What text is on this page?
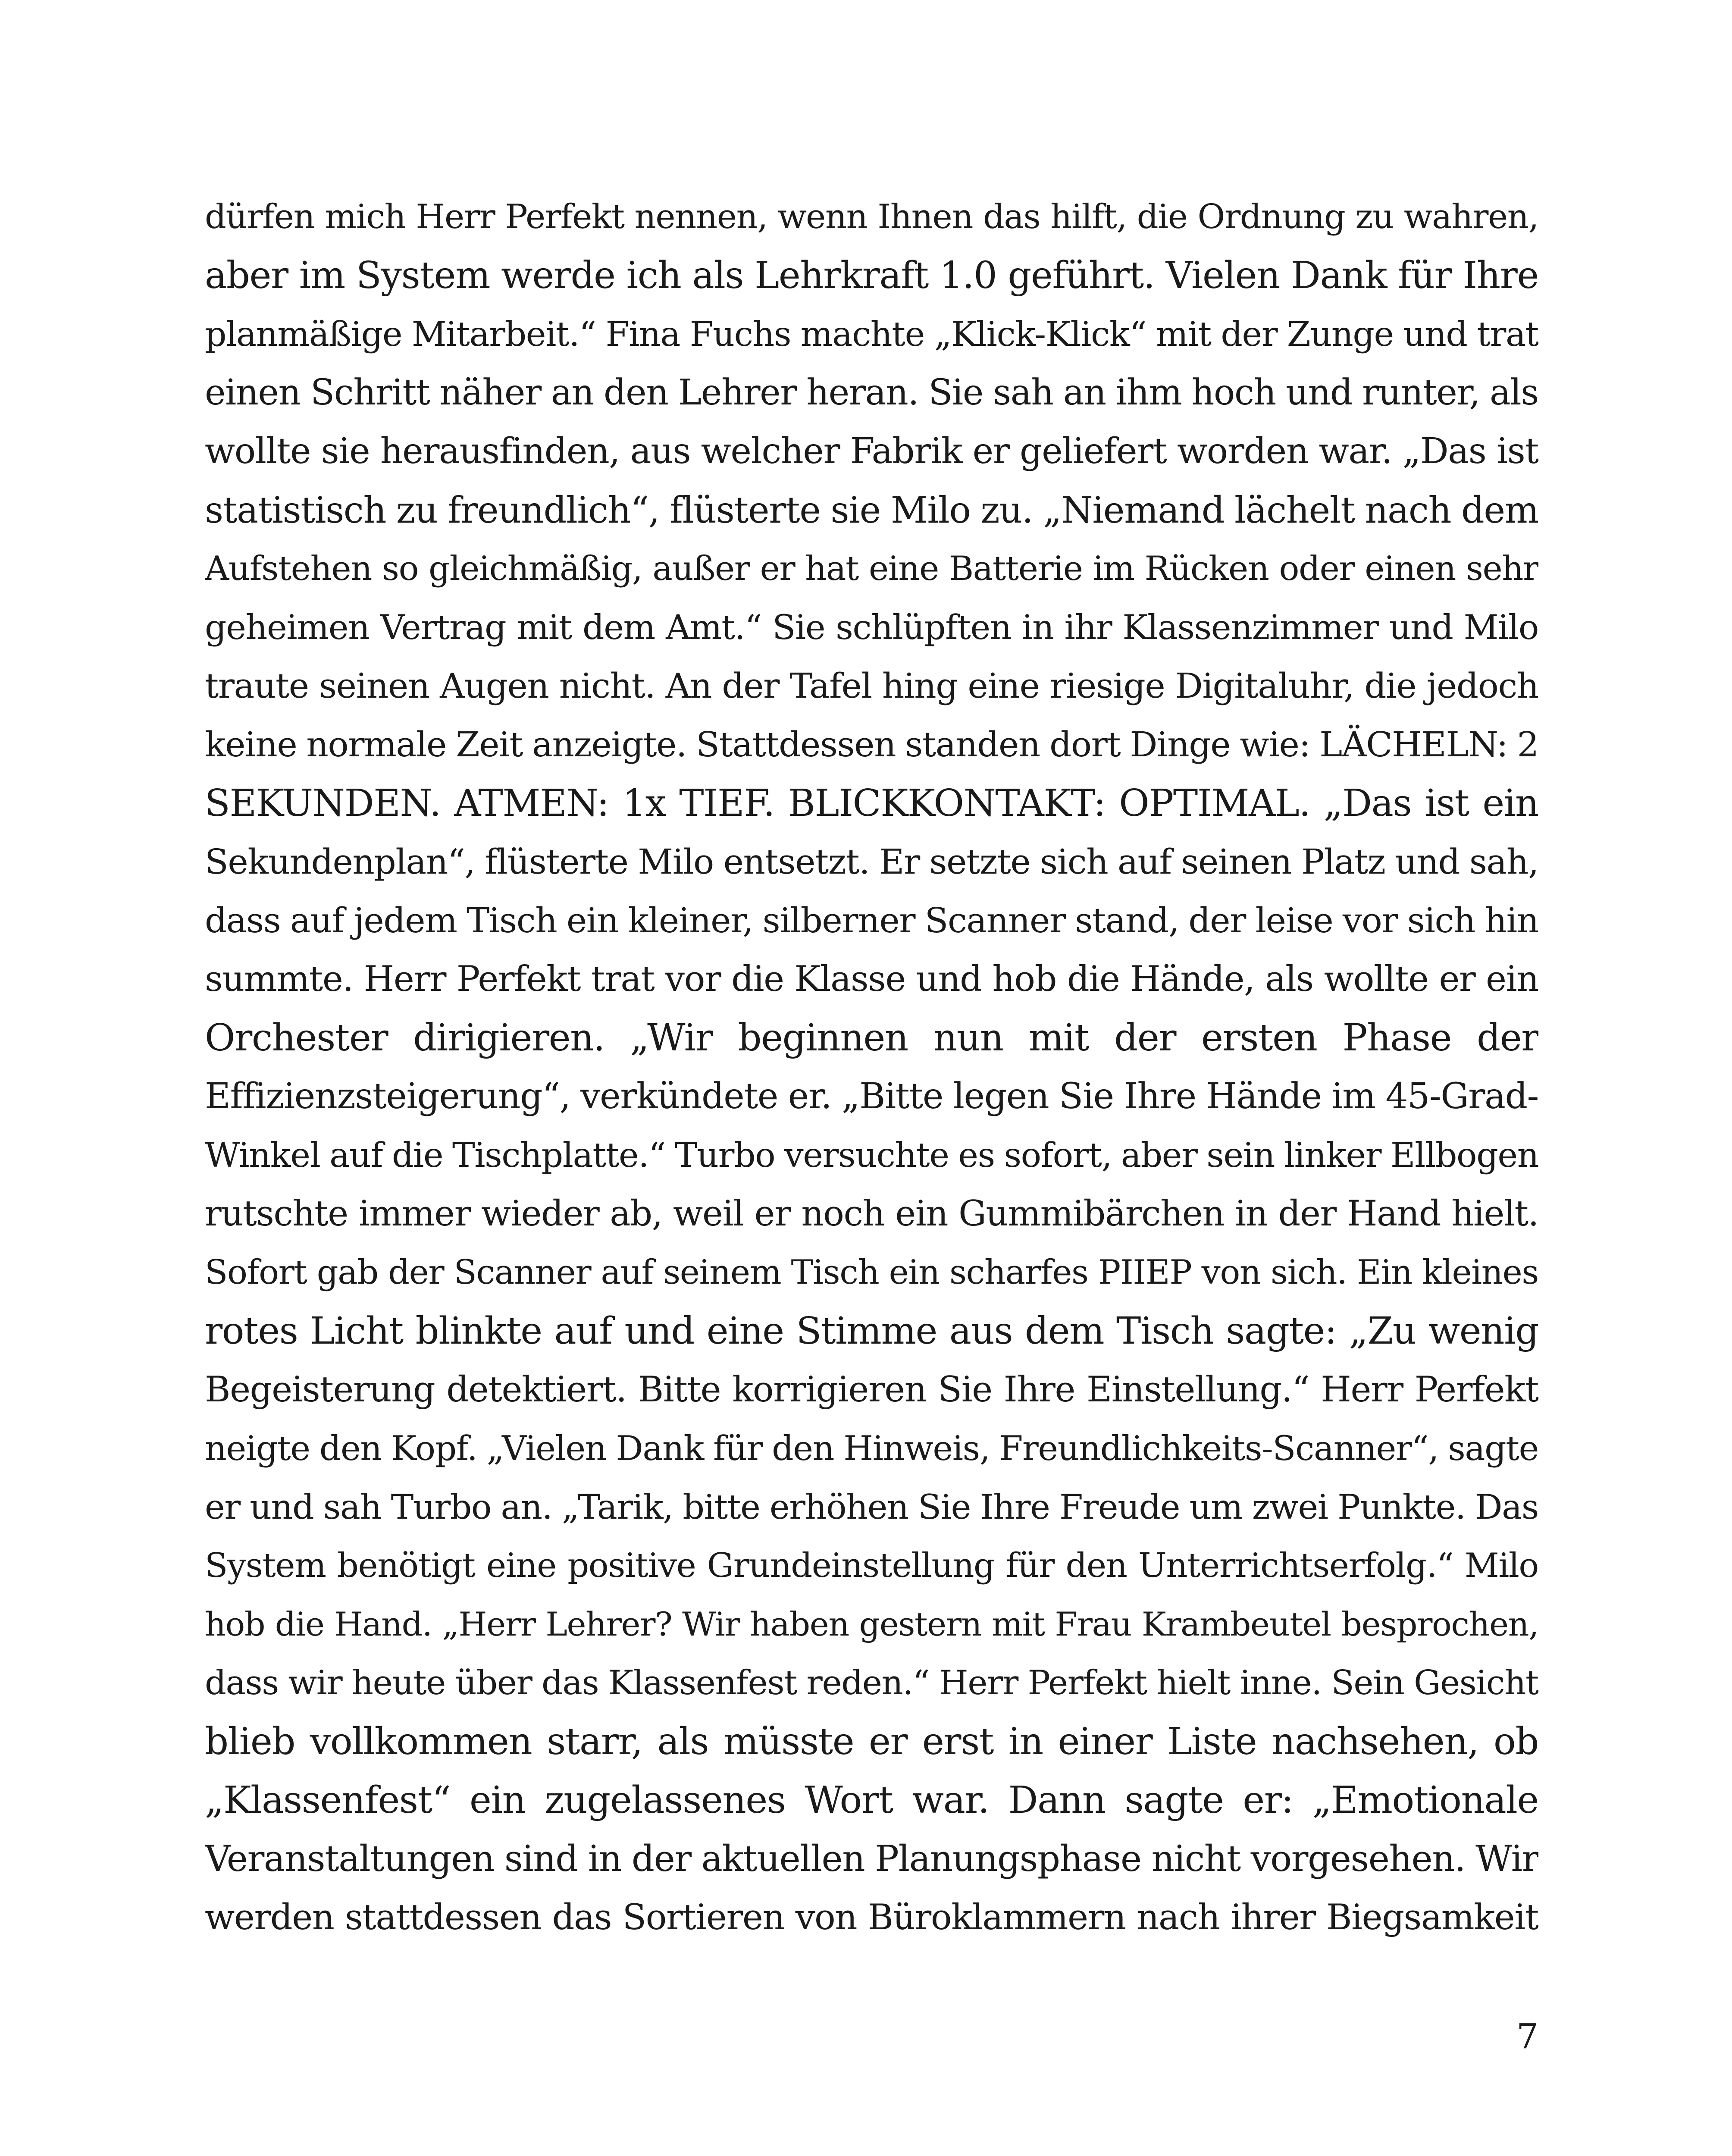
dürfen mich Herr Perfekt nennen, wenn Ihnen das hilft, die Ordnung zu wahren,
aber im System werde ich als Lehrkraft 1.0 geführt. Vielen Dank für Ihre
planmäßige Mitarbeit.“ Fina Fuchs machte „Klick-Klick“ mit der Zunge und trat
einen Schritt näher an den Lehrer heran. Sie sah an ihm hoch und runter, als
wollte sie herausfinden, aus welcher Fabrik er geliefert worden war. „Das ist
statistisch zu freundlich“, flüsterte sie Milo zu. „Niemand lächelt nach dem
Aufstehen so gleichmäßig, außer er hat eine Batterie im Rücken oder einen sehr
geheimen Vertrag mit dem Amt.“ Sie schlüpften in ihr Klassenzimmer und Milo
traute seinen Augen nicht. An der Tafel hing eine riesige Digitaluhr, die jedoch
keine normale Zeit anzeigte. Stattdessen standen dort Dinge wie: LÄCHELN: 2
SEKUNDEN. ATMEN: 1x TIEF. BLICKKONTAKT: OPTIMAL. „Das ist ein
Sekundenplan“, flüsterte Milo entsetzt. Er setzte sich auf seinen Platz und sah,
dass auf jedem Tisch ein kleiner, silberner Scanner stand, der leise vor sich hin
summte. Herr Perfekt trat vor die Klasse und hob die Hände, als wollte er ein
Orchester dirigieren. „Wir beginnen nun mit der ersten Phase der
Effizienzsteigerung“, verkündete er. „Bitte legen Sie Ihre Hände im 45-Grad-
Winkel auf die Tischplatte.“ Turbo versuchte es sofort, aber sein linker Ellbogen
rutschte immer wieder ab, weil er noch ein Gummibärchen in der Hand hielt.
Sofort gab der Scanner auf seinem Tisch ein scharfes PIIEP von sich. Ein kleines
rotes Licht blinkte auf und eine Stimme aus dem Tisch sagte: „Zu wenig
Begeisterung detektiert. Bitte korrigieren Sie Ihre Einstellung.“ Herr Perfekt
neigte den Kopf. „Vielen Dank für den Hinweis, Freundlichkeits-Scanner“, sagte
er und sah Turbo an. „Tarik, bitte erhöhen Sie Ihre Freude um zwei Punkte. Das
System benötigt eine positive Grundeinstellung für den Unterrichtserfolg.“ Milo
hob die Hand. „Herr Lehrer? Wir haben gestern mit Frau Krambeutel besprochen,
dass wir heute über das Klassenfest reden.“ Herr Perfekt hielt inne. Sein Gesicht
blieb vollkommen starr, als müsste er erst in einer Liste nachsehen, ob
„Klassenfest“ ein zugelassenes Wort war. Dann sagte er: „Emotionale
Veranstaltungen sind in der aktuellen Planungsphase nicht vorgesehen. Wir
werden stattdessen das Sortieren von Büroklammern nach ihrer Biegsamkeit
7
